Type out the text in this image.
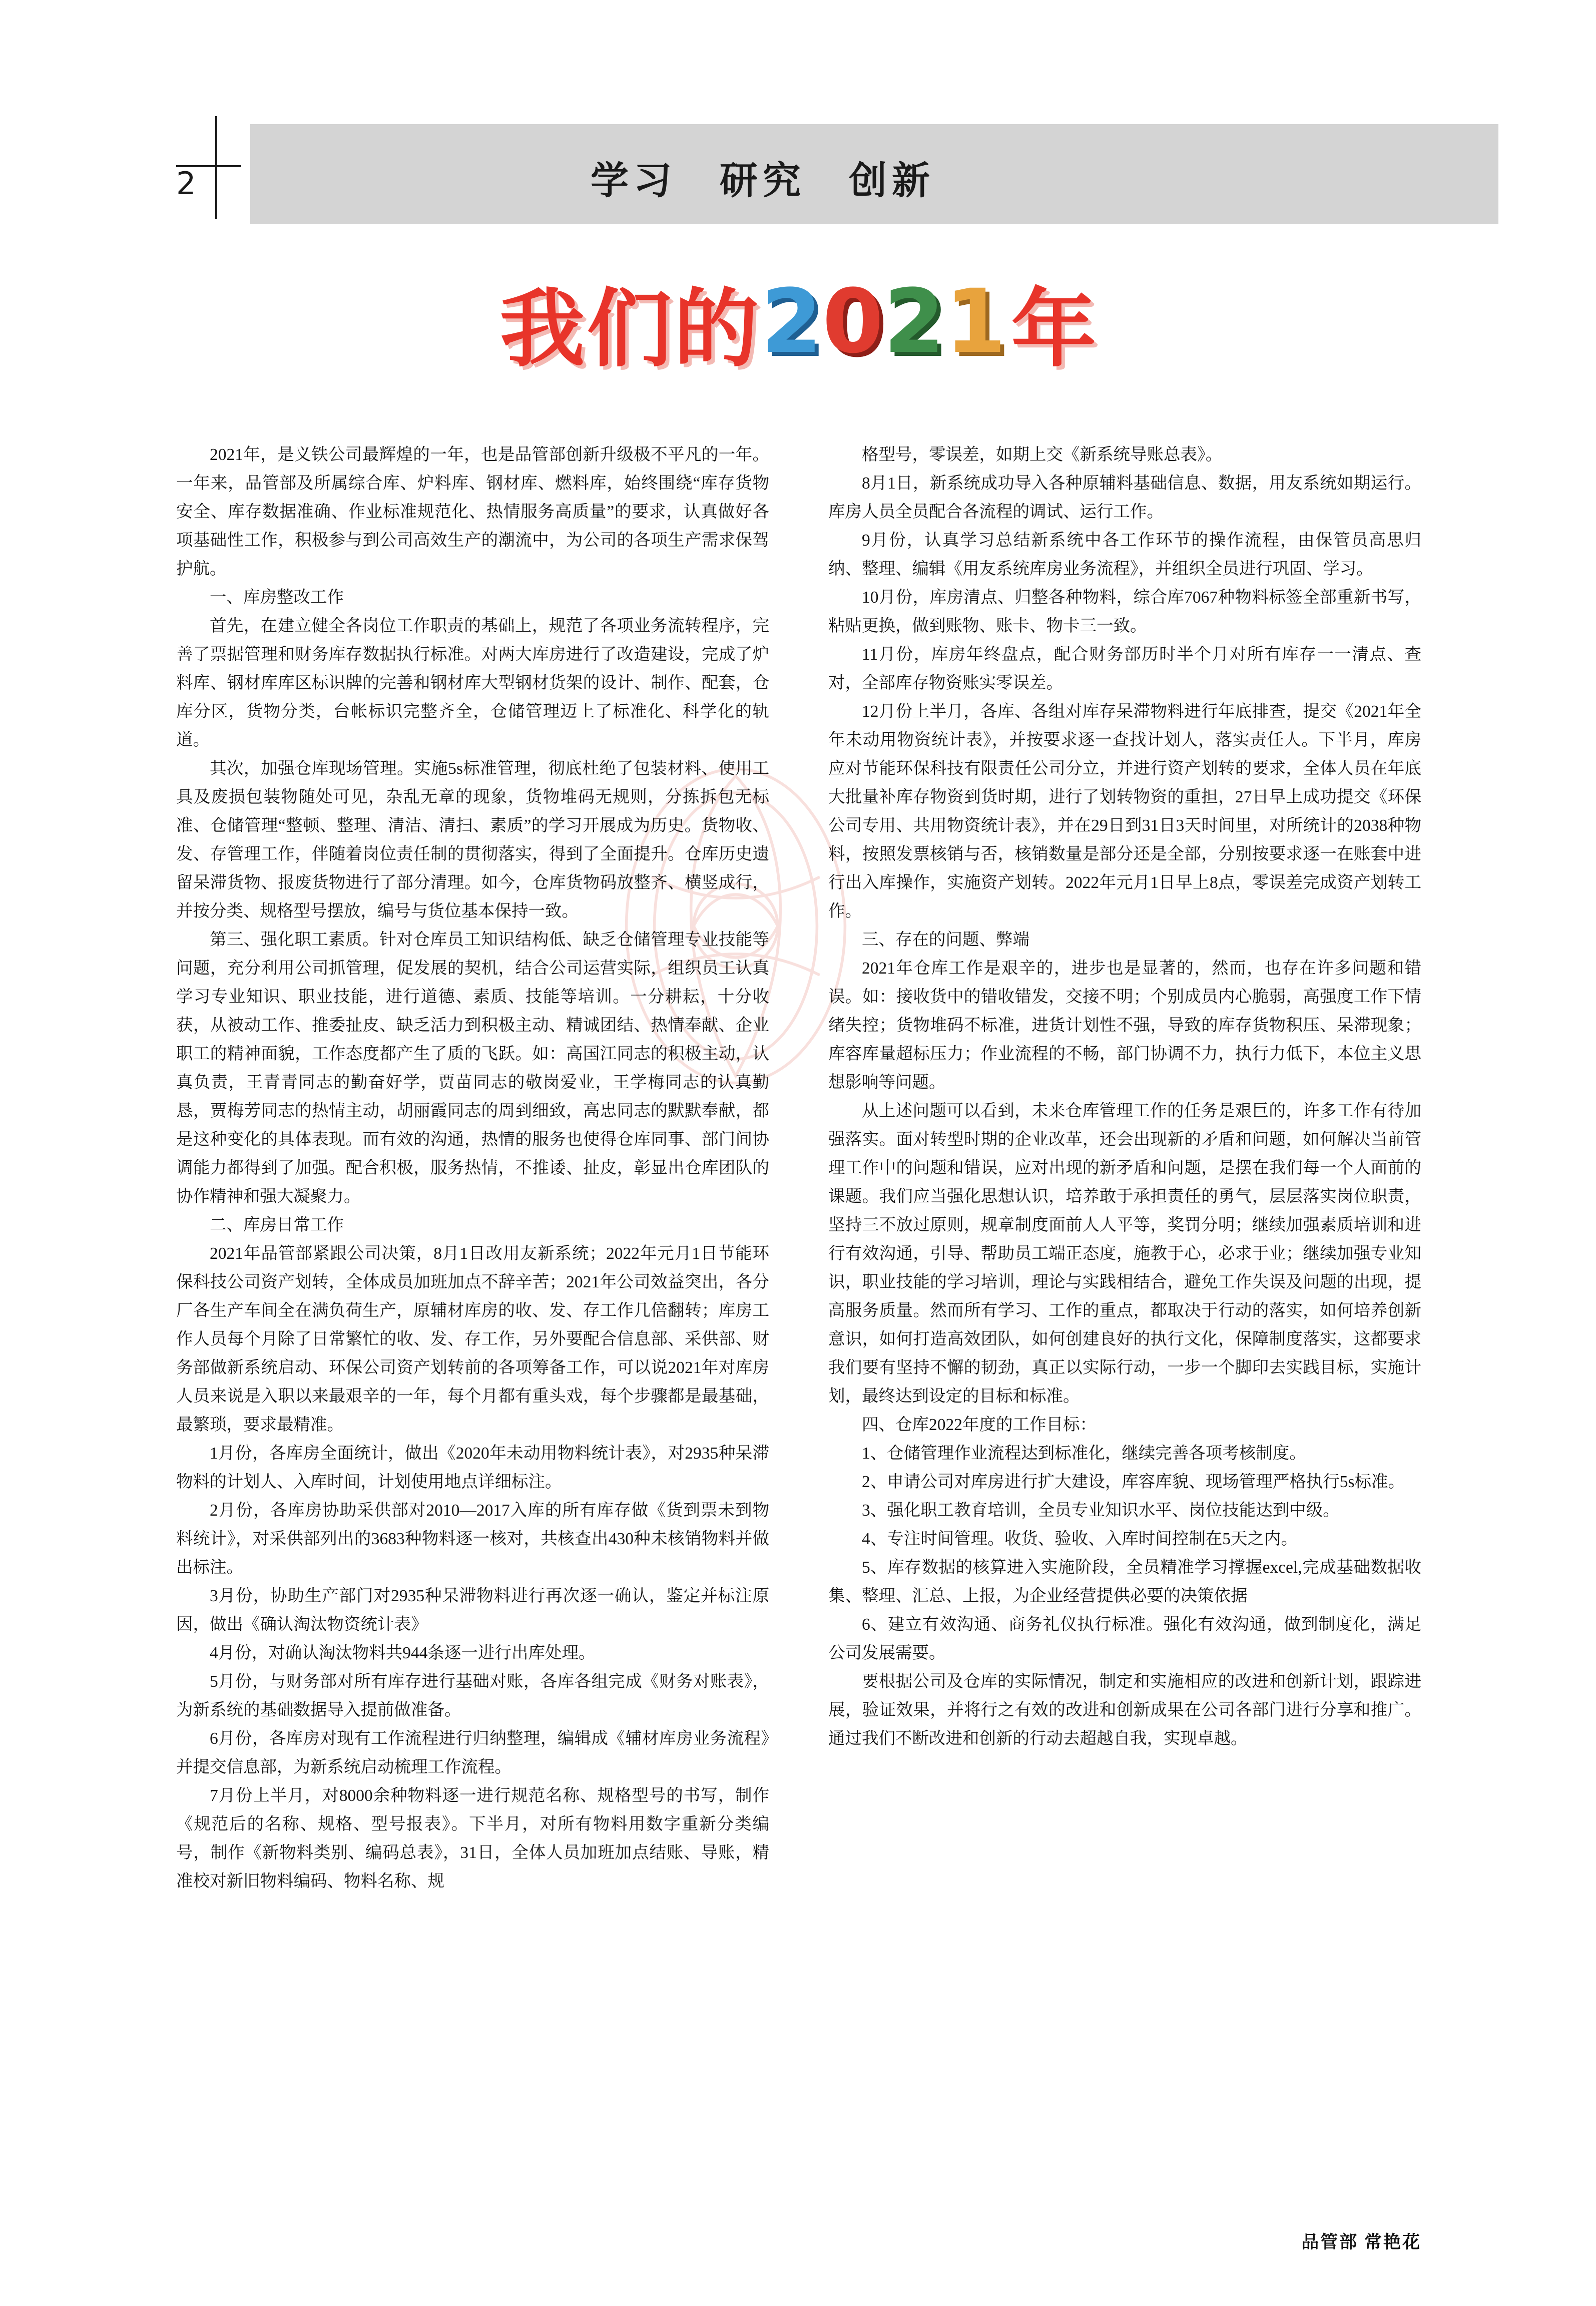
2	学习 研究 创新
我们的2021年

2021年，是义铁公司最辉煌的一年，也是品管部创新升级极不平凡的一年。一年来，品管部及所属综合库、炉料库、钢材库、燃料库，始终围绕“库存货物安全、库存数据准确、作业标准规范化、热情服务高质量”的要求，认真做好各项基础性工作，积极参与到公司高效生产的潮流中，为公司的各项生产需求保驾护航。

一、库房整改工作

首先，在建立健全各岗位工作职责的基础上，规范了各项业务流转程序，完善了票据管理和财务库存数据执行标准。对两大库房进行了改造建设，完成了炉料库、钢材库库区标识牌的完善和钢材库大型钢材货架的设计、制作、配套，仓库分区，货物分类，台帐标识完整齐全，仓储管理迈上了标准化、科学化的轨道。

其次，加强仓库现场管理。实施5s标准管理，彻底杜绝了包装材料、使用工具及废损包装物随处可见，杂乱无章的现象，货物堆码无规则，分拣拆包无标准、仓储管理“整顿、整理、清洁、清扫、素质”的学习开展成为历史。货物收、发、存管理工作，伴随着岗位责任制的贯彻落实，得到了全面提升。仓库历史遗留呆滞货物、报废货物进行了部分清理。如今，仓库货物码放整齐、横竖成行，并按分类、规格型号摆放，编号与货位基本保持一致。

第三、强化职工素质。针对仓库员工知识结构低、缺乏仓储管理专业技能等问题，充分利用公司抓管理，促发展的契机，结合公司运营实际，组织员工认真学习专业知识、职业技能，进行道德、素质、技能等培训。一分耕耘，十分收获，从被动工作、推委扯皮、缺乏活力到积极主动、精诚团结、热情奉献、企业职工的精神面貌，工作态度都产生了质的飞跃。如：高国江同志的积极主动，认真负责，王青青同志的勤奋好学，贾苗同志的敬岗爱业，王学梅同志的认真勤恳，贾梅芳同志的热情主动，胡丽霞同志的周到细致，高忠同志的默默奉献，都是这种变化的具体表现。而有效的沟通，热情的服务也使得仓库同事、部门间协调能力都得到了加强。配合积极，服务热情，不推诿、扯皮，彰显出仓库团队的协作精神和强大凝聚力。

二、库房日常工作

2021年品管部紧跟公司决策，8月1日改用友新系统；2022年元月1日节能环保科技公司资产划转，全体成员加班加点不辞辛苦；2021年公司效益突出，各分厂各生产车间全在满负荷生产，原辅材库房的收、发、存工作几倍翻转；库房工作人员每个月除了日常繁忙的收、发、存工作，另外要配合信息部、采供部、财务部做新系统启动、环保公司资产划转前的各项筹备工作，可以说2021年对库房人员来说是入职以来最艰辛的一年，每个月都有重头戏，每个步骤都是最基础，最繁琐，要求最精准。

1月份，各库房全面统计，做出《2020年未动用物料统计表》，对2935种呆滞物料的计划人、入库时间，计划使用地点详细标注。

2月份，各库房协助采供部对2010—2017入库的所有库存做《货到票未到物料统计》，对采供部列出的3683种物料逐一核对，共核查出430种未核销物料并做出标注。

3月份，协助生产部门对2935种呆滞物料进行再次逐一确认，鉴定并标注原因，做出《确认淘汰物资统计表》

4月份，对确认淘汰物料共944条逐一进行出库处理。

5月份，与财务部对所有库存进行基础对账，各库各组完成《财务对账表》，为新系统的基础数据导入提前做准备。

6月份，各库房对现有工作流程进行归纳整理，编辑成《辅材库房业务流程》并提交信息部，为新系统启动梳理工作流程。

7月份上半月，对8000余种物料逐一进行规范名称、规格型号的书写，制作《规范后的名称、规格、型号报表》。下半月，对所有物料用数字重新分类编号，制作《新物料类别、编码总表》，31日，全体人员加班加点结账、导账，精准校对新旧物料编码、物料名称、规

格型号，零误差，如期上交《新系统导账总表》。

8月1日，新系统成功导入各种原辅料基础信息、数据，用友系统如期运行。库房人员全员配合各流程的调试、运行工作。

9月份，认真学习总结新系统中各工作环节的操作流程，由保管员高思归纳、整理、编辑《用友系统库房业务流程》，并组织全员进行巩固、学习。

10月份，库房清点、归整各种物料，综合库7067种物料标签全部重新书写，粘贴更换，做到账物、账卡、物卡三一致。

11月份，库房年终盘点，配合财务部历时半个月对所有库存一一清点、查对，全部库存物资账实零误差。

12月份上半月，各库、各组对库存呆滞物料进行年底排查，提交《2021年全年未动用物资统计表》，并按要求逐一查找计划人，落实责任人。下半月，库房应对节能环保科技有限责任公司分立，并进行资产划转的要求，全体人员在年底大批量补库存物资到货时期，进行了划转物资的重担，27日早上成功提交《环保公司专用、共用物资统计表》，并在29日到31日3天时间里，对所统计的2038种物料，按照发票核销与否，核销数量是部分还是全部，分别按要求逐一在账套中进行出入库操作，实施资产划转。2022年元月1日早上8点，零误差完成资产划转工作。

三、存在的问题、弊端

2021年仓库工作是艰辛的，进步也是显著的，然而，也存在许多问题和错误。如：接收货中的错收错发，交接不明；个别成员内心脆弱，高强度工作下情绪失控；货物堆码不标准，进货计划性不强，导致的库存货物积压、呆滞现象；库容库量超标压力；作业流程的不畅，部门协调不力，执行力低下，本位主义思想影响等问题。

从上述问题可以看到，未来仓库管理工作的任务是艰巨的，许多工作有待加强落实。面对转型时期的企业改革，还会出现新的矛盾和问题，如何解决当前管理工作中的问题和错误，应对出现的新矛盾和问题，是摆在我们每一个人面前的课题。我们应当强化思想认识，培养敢于承担责任的勇气，层层落实岗位职责，坚持三不放过原则，规章制度面前人人平等，奖罚分明；继续加强素质培训和进行有效沟通，引导、帮助员工端正态度，施教于心，必求于业；继续加强专业知识，职业技能的学习培训，理论与实践相结合，避免工作失误及问题的出现，提高服务质量。然而所有学习、工作的重点，都取决于行动的落实，如何培养创新意识，如何打造高效团队，如何创建良好的执行文化，保障制度落实，这都要求我们要有坚持不懈的韧劲，真正以实际行动，一步一个脚印去实践目标，实施计划，最终达到设定的目标和标准。

四、仓库2022年度的工作目标：

1、仓储管理作业流程达到标准化，继续完善各项考核制度。

2、申请公司对库房进行扩大建设，库容库貌、现场管理严格执行5s标准。

3、强化职工教育培训，全员专业知识水平、岗位技能达到中级。

4、专注时间管理。收货、验收、入库时间控制在5天之内。

5、库存数据的核算进入实施阶段，全员精准学习撑握excel,完成基础数据收集、整理、汇总、上报，为企业经营提供必要的决策依据

6、建立有效沟通、商务礼仪执行标准。强化有效沟通，做到制度化，满足公司发展需要。

要根据公司及仓库的实际情况，制定和实施相应的改进和创新计划，跟踪进展，验证效果，并将行之有效的改进和创新成果在公司各部门进行分享和推广。通过我们不断改进和创新的行动去超越自我，实现卓越。

品管部 常艳花
